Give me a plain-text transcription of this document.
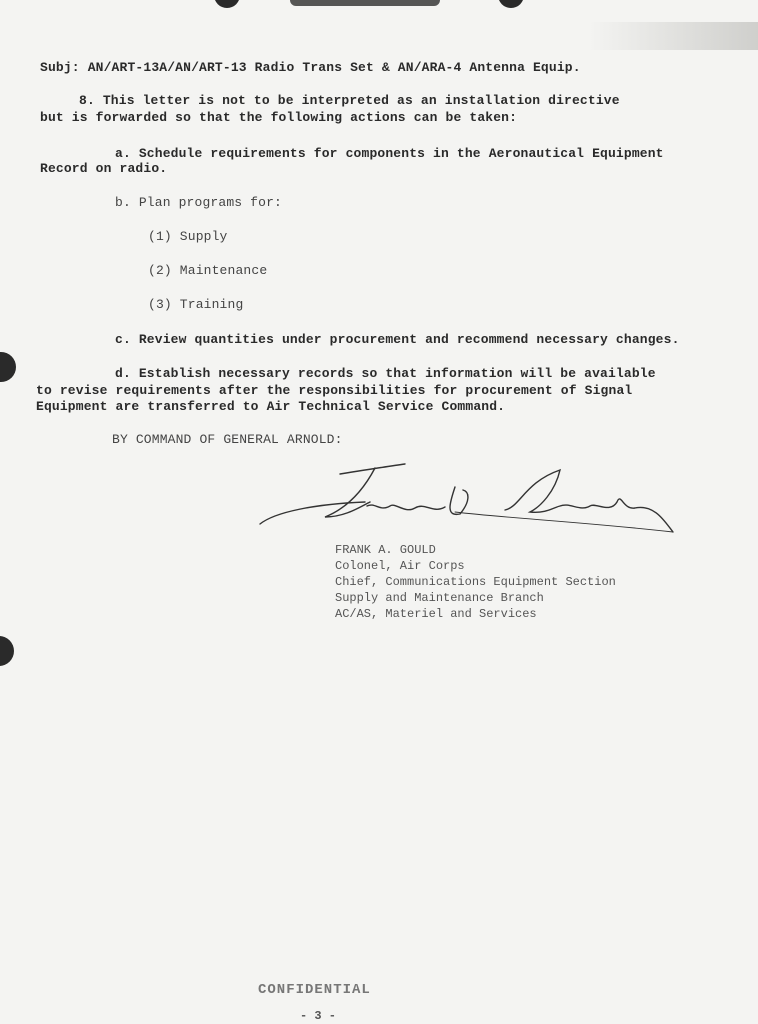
Subj: AN/ART-13A/AN/ART-13 Radio Trans Set & AN/ARA-4 Antenna Equip.
8. This letter is not to be interpreted as an installation directive
but is forwarded so that the following actions can be taken:
a. Schedule requirements for components in the Aeronautical Equipment
Record on radio.
b. Plan programs for:
(1) Supply
(2) Maintenance
(3) Training
c. Review quantities under procurement and recommend necessary changes.
d. Establish necessary records so that information will be available
to revise requirements after the responsibilities for procurement of Signal
Equipment are transferred to Air Technical Service Command.
BY COMMAND OF GENERAL ARNOLD:
FRANK A. GOULD
Colonel, Air Corps
Chief, Communications Equipment Section
Supply and Maintenance Branch
AC/AS, Materiel and Services
CONFIDENTIAL
- 3 -
